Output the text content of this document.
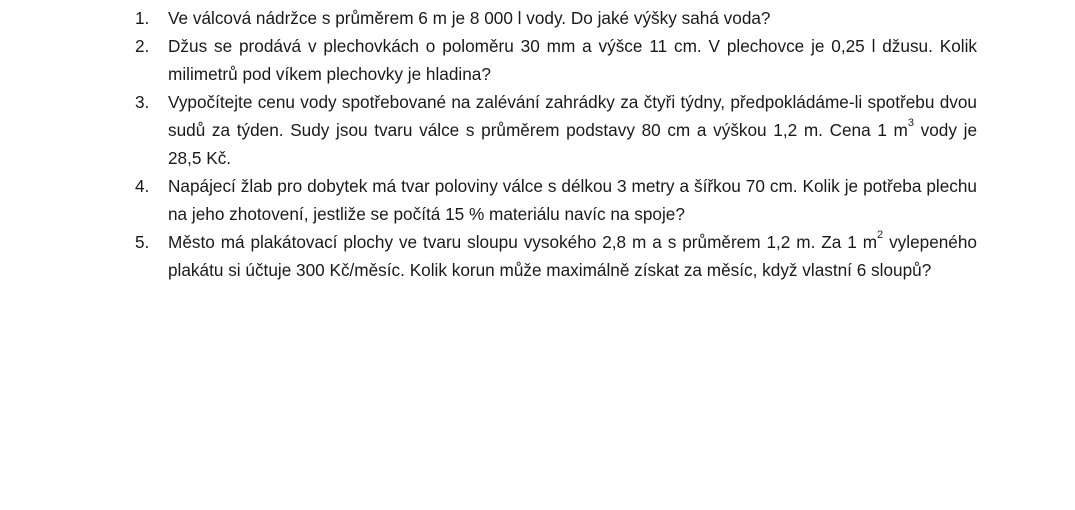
1. Ve válcová nádržce s průměrem 6 m je 8 000 l vody. Do jaké výšky sahá voda?
2. Džus se prodává v plechovkách o poloměru 30 mm a výšce 11 cm. V plechovce je 0,25 l džusu. Kolik milimetrů pod víkem plechovky je hladina?
3. Vypočítejte cenu vody spotřebované na zalévání zahrádky za čtyři týdny, předpokládáme-li spotřebu dvou sudů za týden. Sudy jsou tvaru válce s průměrem podstavy 80 cm a výškou 1,2 m. Cena 1 $m^3$ vody je 28,5 Kč.
4. Napájecí žlab pro dobytek má tvar poloviny válce s délkou 3 metry a šířkou 70 cm. Kolik je potřeba plechu na jeho zhotovení, jestliže se počítá 15 % materiálu navíc na spoje?
5. Město má plakátovací plochy ve tvaru sloupu vysokého 2,8 m a s průměrem 1,2 m. Za 1 $m^2$ vylepeného plakátu si účtuje 300 Kč/měsíc. Kolik korun může maximálně získat za měsíc, když vlastní 6 sloupů?
